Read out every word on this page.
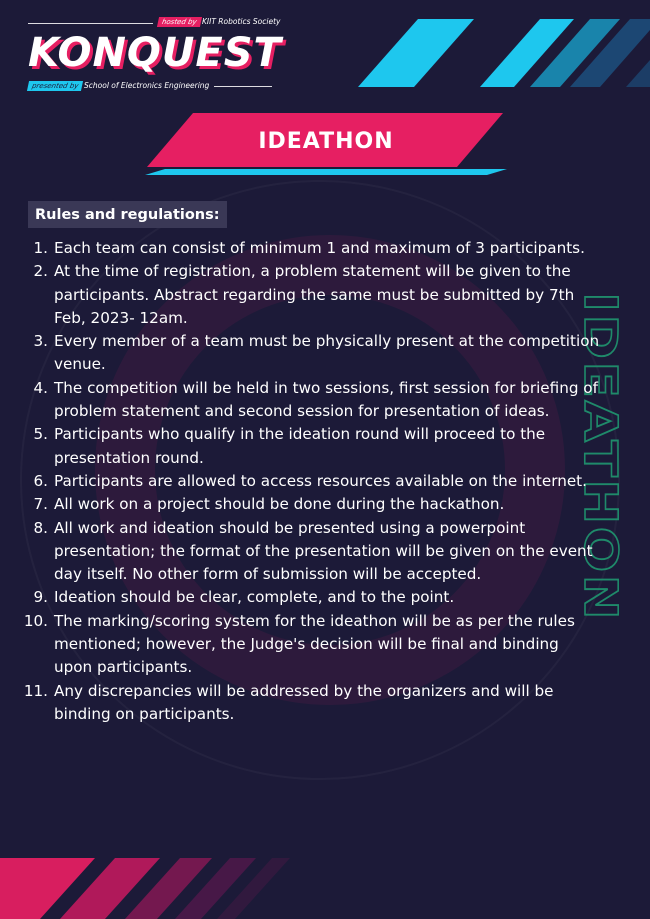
hosted by KIIT Robotics Society
KONQUEST
presented by School of Electronics Engineering
IDEATHON
IDEATHON
Rules and regulations:
1. Each team can consist of minimum 1 and maximum of 3 participants.
2. At the time of registration, a problem statement will be given to the participants. Abstract regarding the same must be submitted by 7th Feb, 2023- 12am.
3. Every member of a team must be physically present at the competition venue.
4. The competition will be held in two sessions, first session for briefing of problem statement and second session for presentation of ideas.
5. Participants who qualify in the ideation round will proceed to the presentation round.
6. Participants are allowed to access resources available on the internet.
7. All work on a project should be done during the hackathon.
8. All work and ideation should be presented using a powerpoint presentation; the format of the presentation will be given on the event day itself. No other form of submission will be accepted.
9. Ideation should be clear, complete, and to the point.
10. The marking/scoring system for the ideathon will be as per the rules mentioned; however, the Judge's decision will be final and binding upon participants.
11. Any discrepancies will be addressed by the organizers and will be binding on participants.
